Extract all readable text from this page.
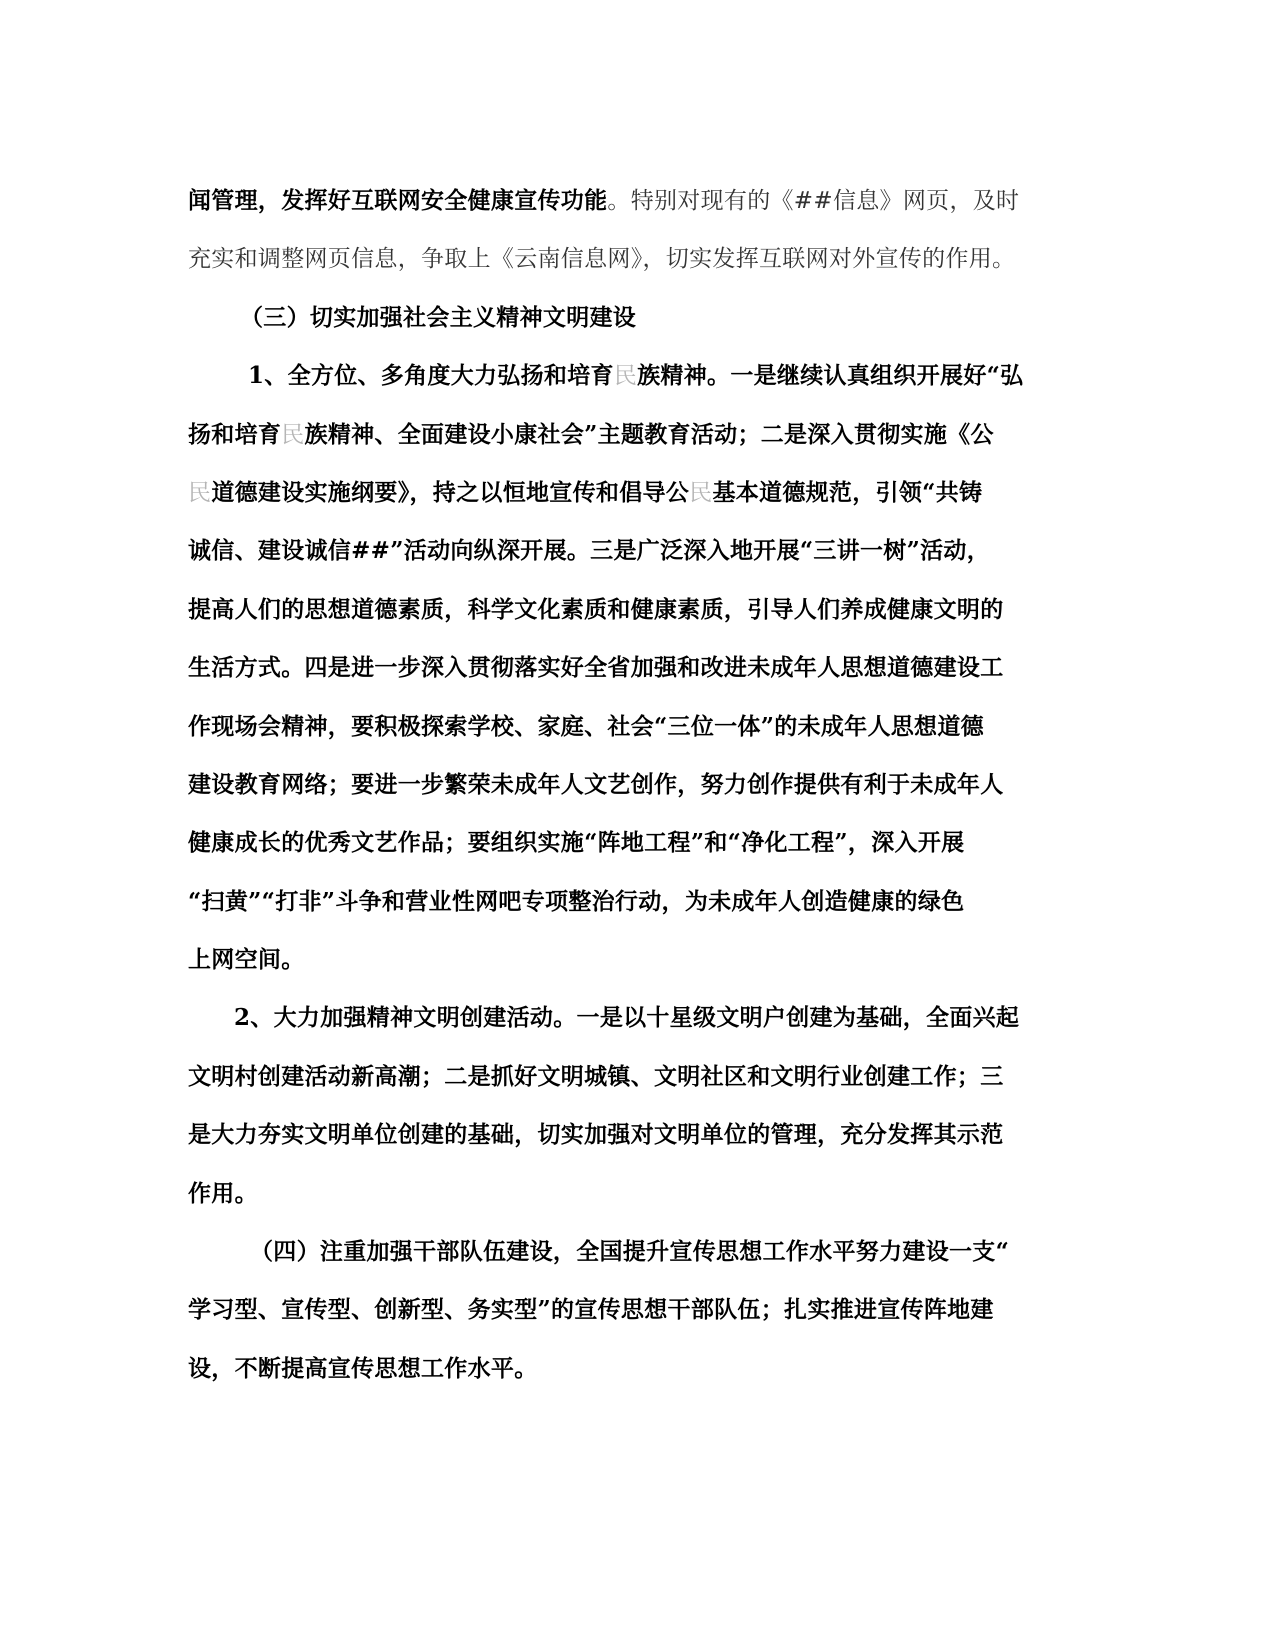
闻管理，发挥好互联网安全健康宣传功能。特别对现有的《##信息》网页，及时
充实和调整网页信息，争取上《云南信息网》，切实发挥互联网对外宣传的作用。
（三）切实加强社会主义精神文明建设
1、全方位、多角度大力弘扬和培育民族精神。一是继续认真组织开展好“弘
扬和培育民族精神、全面建设小康社会”主题教育活动；二是深入贯彻实施《公
民道德建设实施纲要》，持之以恒地宣传和倡导公民基本道德规范，引领“共铸
诚信、建设诚信##”活动向纵深开展。三是广泛深入地开展“三讲一树”活动，
提高人们的思想道德素质，科学文化素质和健康素质，引导人们养成健康文明的
生活方式。四是进一步深入贯彻落实好全省加强和改进未成年人思想道德建设工
作现场会精神，要积极探索学校、家庭、社会“三位一体”的未成年人思想道德
建设教育网络；要进一步繁荣未成年人文艺创作，努力创作提供有利于未成年人
健康成长的优秀文艺作品；要组织实施“阵地工程”和“净化工程”，深入开展
“扫黄”“打非”斗争和营业性网吧专项整治行动，为未成年人创造健康的绿色
上网空间。
2、大力加强精神文明创建活动。一是以十星级文明户创建为基础，全面兴起
文明村创建活动新高潮；二是抓好文明城镇、文明社区和文明行业创建工作；三
是大力夯实文明单位创建的基础，切实加强对文明单位的管理，充分发挥其示范
作用。
（四）注重加强干部队伍建设，全国提升宣传思想工作水平努力建设一支“
学习型、宣传型、创新型、务实型”的宣传思想干部队伍；扎实推进宣传阵地建
设，不断提高宣传思想工作水平。
